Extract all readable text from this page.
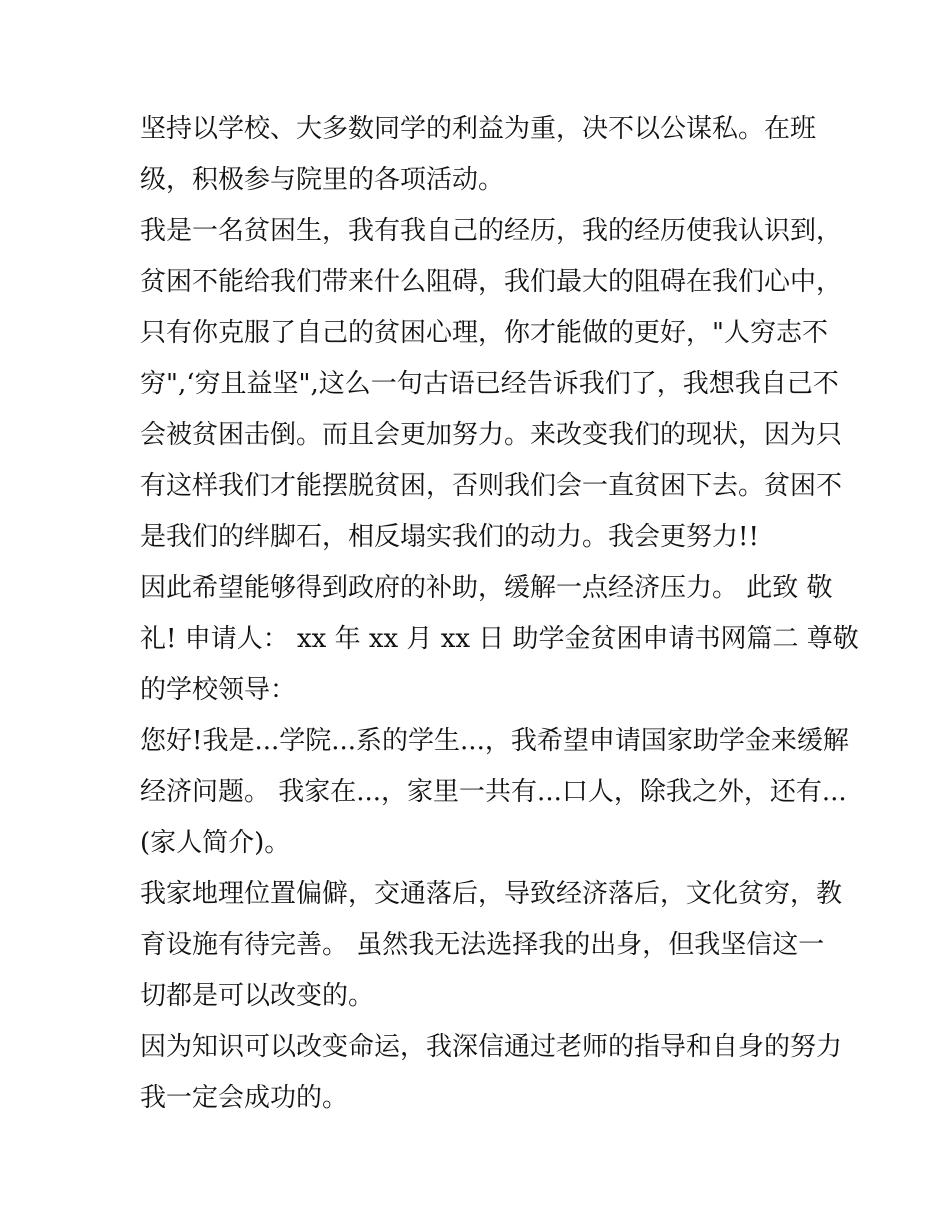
坚持以学校、大多数同学的利益为重，决不以公谋私。在班

级，积极参与院里的各项活动。

我是一名贫困生，我有我自己的经历，我的经历使我认识到，

贫困不能给我们带来什么阻碍，我们最大的阻碍在我们心中，

只有你克服了自己的贫困心理，你才能做的更好，"人穷志不

穷",‘穷且益坚",这么一句古语已经告诉我们了，我想我自己不

会被贫困击倒。而且会更加努力。来改变我们的现状，因为只

有这样我们才能摆脱贫困，否则我们会一直贫困下去。贫困不

是我们的绊脚石，相反塌实我们的动力。我会更努力!!

因此希望能够得到政府的补助，缓解一点经济压力。 此致 敬

礼! 申请人： xx 年 xx 月 xx 日 助学金贫困申请书网篇二 尊敬

的学校领导：

您好!我是...学院...系的学生...，我希望申请国家助学金来缓解

经济问题。 我家在...，家里一共有...口人，除我之外，还有...

(家人简介)。

我家地理位置偏僻，交通落后，导致经济落后，文化贫穷，教

育设施有待完善。 虽然我无法选择我的出身，但我坚信这一

切都是可以改变的。

因为知识可以改变命运，我深信通过老师的指导和自身的努力

我一定会成功的。
